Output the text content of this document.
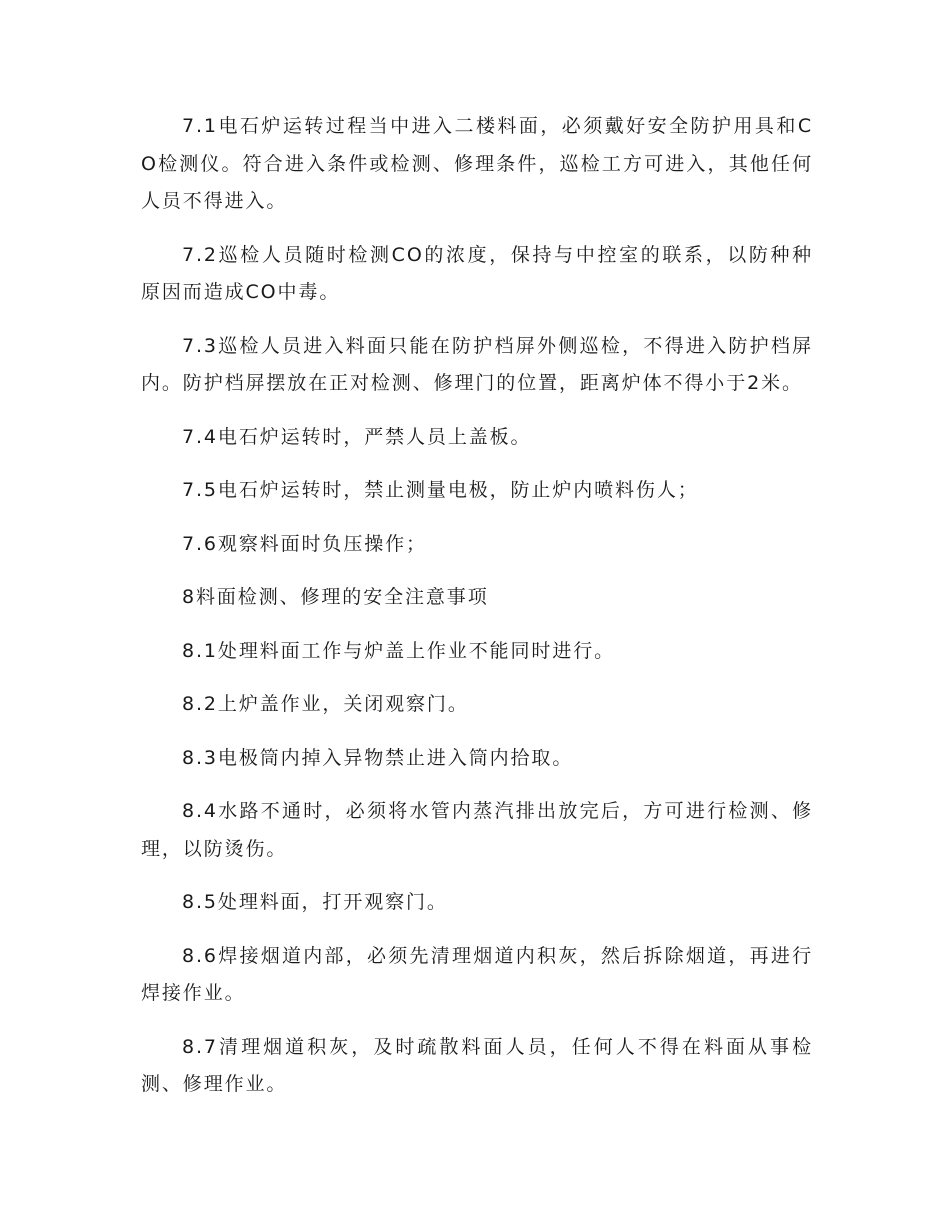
7.1电石炉运转过程当中进入二楼料面，必须戴好安全防护用具和CO检测仪。符合进入条件或检测、修理条件，巡检工方可进入，其他任何人员不得进入。

7.2巡检人员随时检测CO的浓度，保持与中控室的联系，以防种种原因而造成CO中毒。

7.3巡检人员进入料面只能在防护档屏外侧巡检，不得进入防护档屏内。防护档屏摆放在正对检测、修理门的位置，距离炉体不得小于2米。

7.4电石炉运转时，严禁人员上盖板。

7.5电石炉运转时，禁止测量电极，防止炉内喷料伤人；

7.6观察料面时负压操作；

8料面检测、修理的安全注意事项

8.1处理料面工作与炉盖上作业不能同时进行。

8.2上炉盖作业，关闭观察门。

8.3电极筒内掉入异物禁止进入筒内拾取。

8.4水路不通时，必须将水管内蒸汽排出放完后，方可进行检测、修理，以防烫伤。

8.5处理料面，打开观察门。

8.6焊接烟道内部，必须先清理烟道内积灰，然后拆除烟道，再进行焊接作业。

8.7清理烟道积灰，及时疏散料面人员，任何人不得在料面从事检测、修理作业。
